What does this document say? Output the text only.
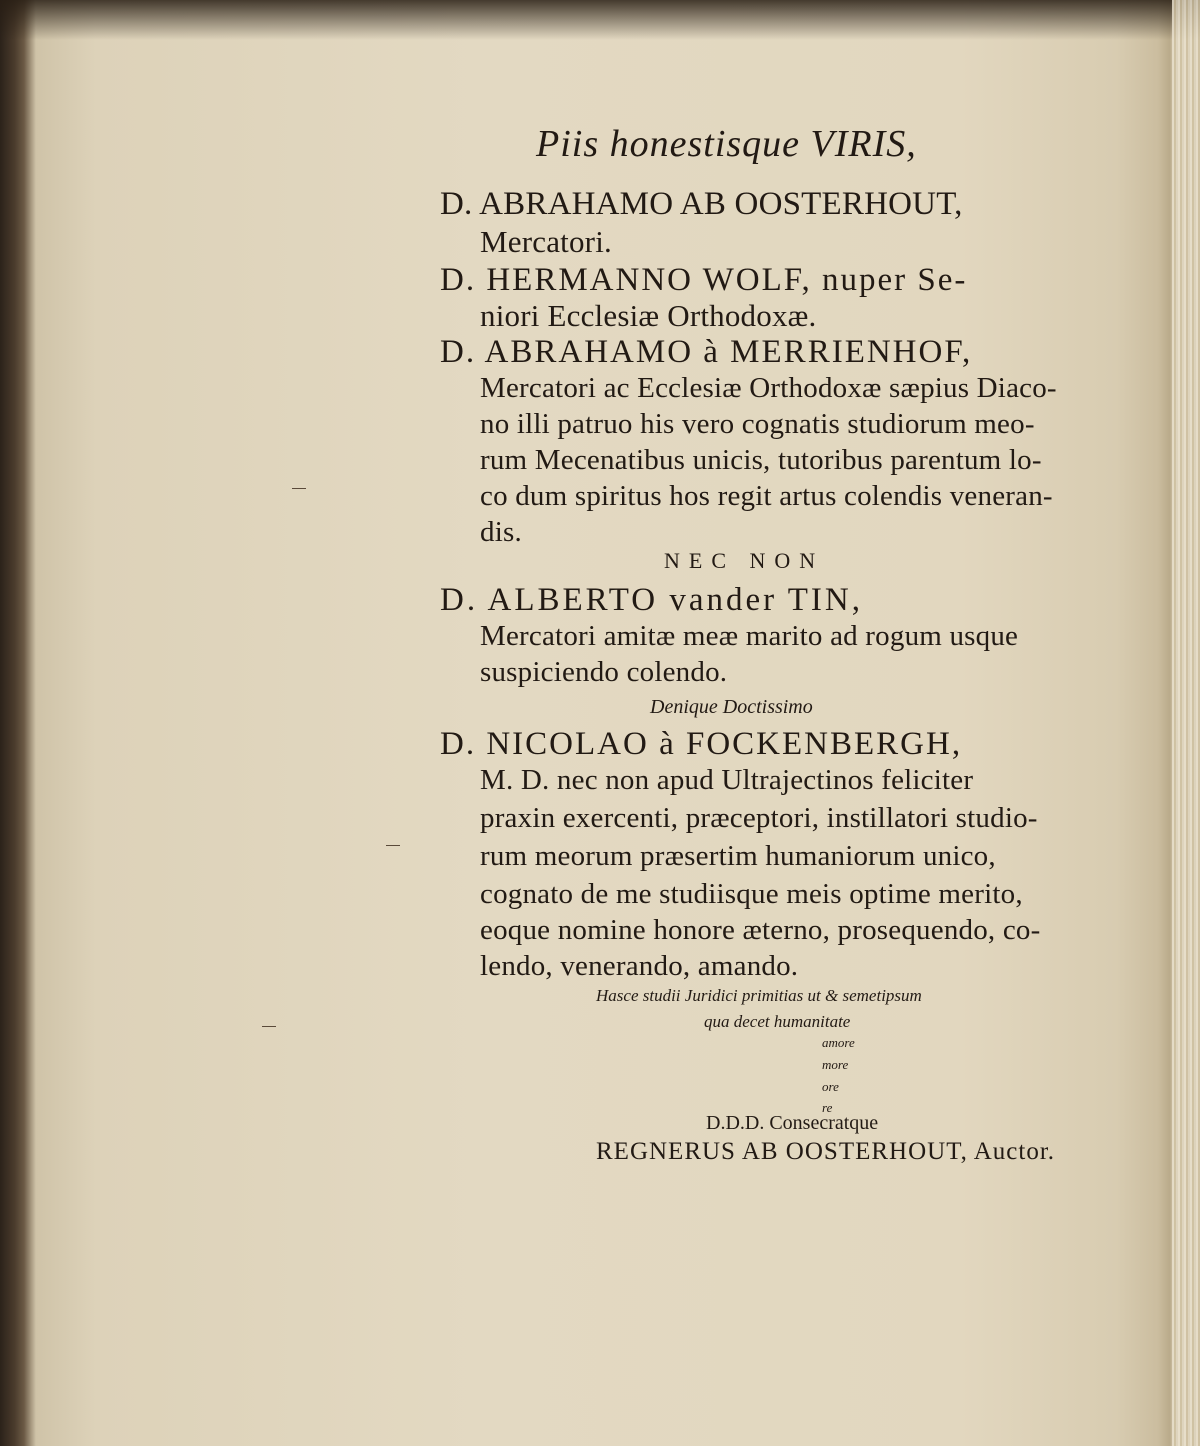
Piis honestisque VIRIS,
D. ABRAHAMO AB OOSTERHOUT,
Mercatori.
D. HERMANNO WOLF, nuper Se-
niori Ecclesiæ Orthodoxæ.
D. ABRAHAMO à MERRIENHOF,
Mercatori ac Ecclesiæ Orthodoxæ sæpius Diaco-
no illi patruo his vero cognatis studiorum meo-
rum Mecenatibus unicis, tutoribus parentum lo-
co dum spiritus hos regit artus colendis veneran-
dis.
NEC NON
D. ALBERTO vander TIN,
Mercatori amitæ meæ marito ad rogum usque
suspiciendo colendo.
Denique Doctissimo
D. NICOLAO à FOCKENBERGH,
M. D. nec non apud Ultrajectinos feliciter
praxin exercenti, præceptori, instillatori studio-
rum meorum præsertim humaniorum unico,
cognato de me studiisque meis optime merito,
eoque nomine honore æterno, prosequendo, co-
lendo, venerando, amando.
Hasce studii Juridici primitias ut & semetipsum
qua decet humanitate
amore
more
ore
re
D.D.D. Consecratque
REGNERUS AB OOSTERHOUT, Auctor.
